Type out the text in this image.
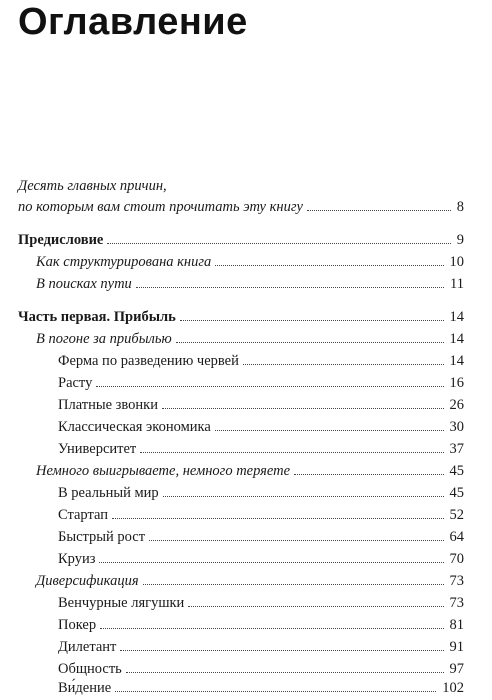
Оглавление
Десять главных причин,
по которым вам стоит прочитать эту книгу	8
Предисловие	9
Как структурирована книга	10
В поисках пути	11
Часть первая. Прибыль	14
В погоне за прибылью	14
Ферма по разведению червей	14
Расту	16
Платные звонки	26
Классическая экономика	30
Университет	37
Немного выигрываете, немного теряете	45
В реальный мир	45
Стартап	52
Быстрый рост	64
Круиз	70
Диверсификация	73
Венчурные лягушки	73
Покер	81
Дилетант	91
Общность	97
Ви́дение	102
